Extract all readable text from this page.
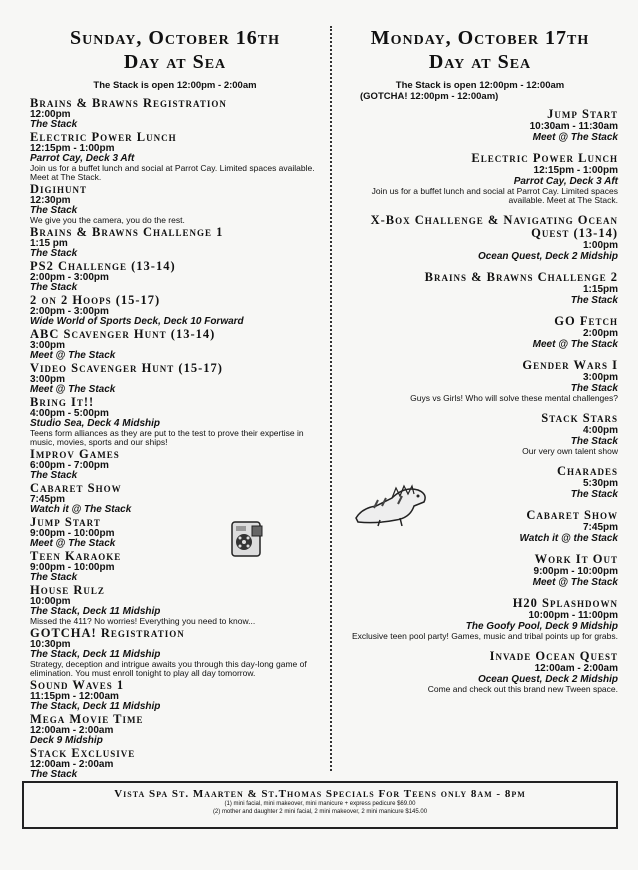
Sunday, October 16th
Day at Sea
The Stack is open 12:00pm - 2:00am
Brains & Brawns Registration
12:00pm
The Stack
Electric Power Lunch
12:15pm - 1:00pm
Parrot Cay, Deck 3 Aft
Join us for a buffet lunch and social at Parrot Cay. Limited spaces available. Meet at The Stack.
Digihunt
12:30pm
The Stack
We give you the camera, you do the rest.
Brains & Brawns Challenge 1
1:15 pm
The Stack
PS2 Challenge (13-14)
2:00pm - 3:00pm
The Stack
2 on 2 Hoops (15-17)
2:00pm - 3:00pm
Wide World of Sports Deck, Deck 10 Forward
ABC Scavenger Hunt (13-14)
3:00pm
Meet @ The Stack
Video Scavenger Hunt (15-17)
3:00pm
Meet @ The Stack
Bring It!!
4:00pm - 5:00pm
Studio Sea, Deck 4 Midship
Teens form alliances as they are put to the test to prove their expertise in music, movies, sports and our ships!
Improv Games
6:00pm - 7:00pm
The Stack
Cabaret Show
7:45pm
Watch it @ The Stack
Jump Start
9:00pm - 10:00pm
Meet @ The Stack
Teen Karaoke
9:00pm - 10:00pm
The Stack
House Rulz
10:00pm
The Stack, Deck 11 Midship
Missed the 411? No worries! Everything you need to know...
GOTCHA! Registration
10:30pm
The Stack, Deck 11 Midship
Strategy, deception and intrigue awaits you through this day-long game of elimination. You must enroll tonight to play all day tomorrow.
Sound Waves 1
11:15pm - 12:00am
The Stack, Deck 11 Midship
Mega Movie Time
12:00am - 2:00am
Deck 9 Midship
Stack Exclusive
12:00am - 2:00am
The Stack
Monday, October 17th
Day at Sea
The Stack is open 12:00pm - 12:00am
(GOTCHA! 12:00pm - 12:00am)
Jump Start
10:30am - 11:30am
Meet @ The Stack
Electric Power Lunch
12:15pm - 1:00pm
Parrot Cay, Deck 3 Aft
Join us for a buffet lunch and social at Parrot Cay. Limited spaces available. Meet at The Stack.
X-Box Challenge & Navigating Ocean Quest (13-14)
1:00pm
Ocean Quest, Deck 2 Midship
Brains & Brawns Challenge 2
1:15pm
The Stack
GO Fetch
2:00pm
Meet @ The Stack
Gender Wars I
3:00pm
The Stack
Guys vs Girls! Who will solve these mental challenges?
Stack Stars
4:00pm
The Stack
Our very own talent show
Charades
5:30pm
The Stack
Cabaret Show
7:45pm
Watch it @ the Stack
Work It Out
9:00pm - 10:00pm
Meet @ The Stack
H20 Splashdown
10:00pm - 11:00pm
The Goofy Pool, Deck 9 Midship
Exclusive teen pool party! Games, music and tribal points up for grabs.
Invade Ocean Quest
12:00am - 2:00am
Ocean Quest, Deck 2 Midship
Come and check out this brand new Tween space.
Vista Spa St. Maarten & St.Thomas Specials For Teens only 8am - 8pm
(1) mini facial, mini makeover, mini manicure + express pedicure $69.00
(2) mother and daughter 2 mini facial, 2 mini makeover, 2 mini manicure $145.00
